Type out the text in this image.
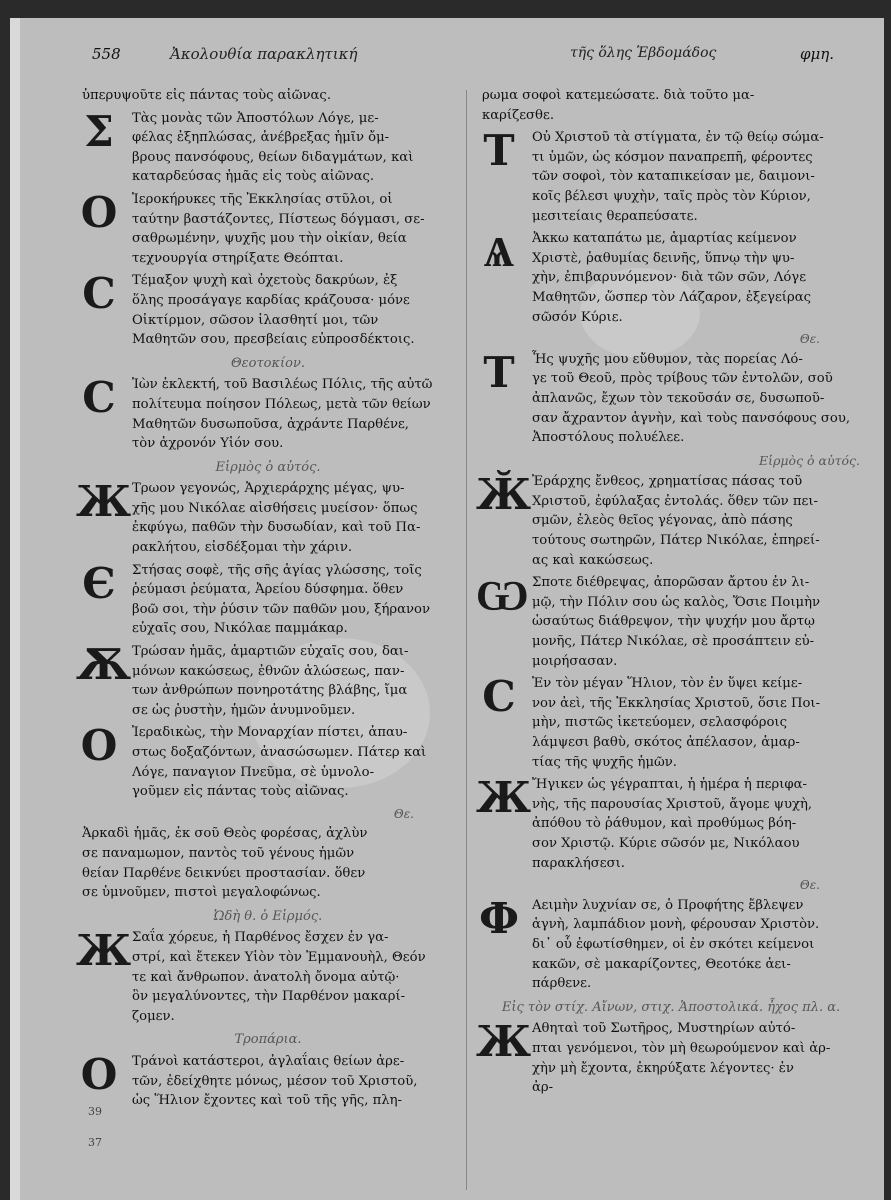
558	Ἀκολουθία παρακλητική	τῆς ὅλης Ἑβδομάδος	φμη.
ὑπερυψοῦτε εἰς πάντας τοὺς αἰῶνας.
Σ	Τὰς μονὰς τῶν Ἀποστόλων Λόγε, με-
φέλας ἐξηπλώσας, ἀνέβρεξας ἡμῖν ὄμ-
βρους πανσόφους, θείων διδαγμάτων, καὶ
καταρδεύσας ἡμᾶς εἰς τοὺς αἰῶνας.
Ο	Ἱεροκήρυκες τῆς Ἐκκλησίας στῦλοι, οἱ
ταύτην βαστάζοντες, Πίστεως δόγμασι, σε-
σαθρωμένην, ψυχῆς μου τὴν οἰκίαν, θεία
τεχνουργία στηρίξατε Θεόπται.
Ϲ	Τέμαξον ψυχὴ καὶ ὀχετοὺς δακρύων, ἐξ
ὅλης προσάγαγε καρδίας κράζουσα· μόνε
Οἰκτίρμον, σῶσον ἱλασθητί μοι, τῶν
Μαθητῶν σου, πρεσβείαις εὐπροσδέκτοις.
Θεοτοκίον.
Ϲ	Ἰὼν ἐκλεκτή, τοῦ Βασιλέως Πόλις, τῆς αὐτῶ
πολίτευμα ποίησον Πόλεως, μετὰ τῶν θείων
Μαθητῶν δυσωποῦσα, ἀχράντε Παρθένε,
τὸν ἀχρονόν Υἱόν σου.
Εἱρμὸς ὁ αὐτός.
Ж Τρωον γεγονώς, Ἀρχιεράρχης μέγας, ψυ-
χῆς μου Νικόλαε αἰσθήσεις μυείσον· ὅπως
ἐκφύγω, παθῶν τὴν δυσωδίαν, καὶ τοῦ Πα-
ρακλήτου, εἰσδέξομαι τὴν χάριν.
Є	Στήσας σοφὲ, τῆς σῆς ἁγίας γλώσσης, τοῖς
ῥεύμασι ῥεύματα, Ἀρείου δύσφημα. ὅθεν
βοῶ σοι, τὴν ῥύσιν τῶν παθῶν μου, ξήρανον
εὐχαῖς σου, Νικόλαε παμμάκαρ.
Ѫ Τρώσαν ἡμᾶς, ἁμαρτιῶν εὐχαῖς σου, δαι-
μόνων κακώσεως, ἐθνῶν ἁλώσεως, παν-
των ἀνθρώπων πονηροτάτης βλάβης, ἴμα
σε ὡς ῥυστὴν, ἡμῶν ἀνυμνοῦμεν.
Ο	Ἱεραδικὼς, τὴν Μοναρχίαν πίστει, ἀπαυ-
στως δοξαζόντων, ἀνασώσωμεν. Πάτερ καὶ
Λόγε, παναγιον Πνεῦμα, σὲ ὑμνολο-
γοῦμεν εἰς πάντας τοὺς αἰῶνας.
Θε.
Ἀρκαδὶ ἡμᾶς, ἐκ σοῦ Θεὸς φορέσας, ἀχλὺν
σε παναμωμον, παντὸς τοῦ γένους ἡμῶν
θείαν Παρθένε δεικνύει προστασίαν. ὅθεν
σε ὑμνοῦμεν, πιστοὶ μεγαλοφώνως.
Ὠδὴ θ. ὁ Εἱρμός.
Ж Σαΐα χόρευε, ἡ Παρθένος ἔσχεν ἐν γα-
στρί, καὶ ἔτεκεν Υἱὸν τὸν Ἐμμανουὴλ, Θεόν
τε καὶ ἄνθρωπον. ἀνατολὴ ὄνομα αὐτῷ·
ὃν μεγαλύνοντες, τὴν Παρθένον μακαρί-
ζομεν.
Τροπάρια.
Ο	Τράνοὶ κατάστεροι, ἀγλαΐαις θείων ἀρε-
τῶν, ἐδείχθητε μόνως, μέσον τοῦ Χριστοῦ,
ὡς Ἥλιον ἔχοντες καὶ τοῦ τῆς γῆς, πλη-
ρωμα σοφοὶ κατεμεώσατε. διὰ τοῦτο μα-
καρίζεσθε.
Τ	Οὐ Χριστοῦ τὰ στίγματα, ἐν τῷ θείῳ σώμα-
τι ὑμῶν, ὡς κόσμον παναπρεπῆ, φέροντες
τῶν σοφοὶ, τὸν καταπικείσαν με, δαιμονι-
κοῖς βέλεσι ψυχὴν, ταῖς πρὸς τὸν Κύριον,
μεσιτείαις θεραπεύσατε.
Ѧ	Ἀκκω καταπάτω με, ἁμαρτίας κείμενον
Χριστὲ, ῥαθυμίας δεινῆς, ὕπνῳ τὴν ψυ-
χὴν, ἐπιβαρυνόμενον· διὰ τῶν σῶν, Λόγε
Μαθητῶν, ὥσπερ τὸν Λάζαρον, ἐξεγείρας
σῶσόν Κύριε.
Θε.
Τ	Ἧς ψυχῆς μου εὔθυμον, τὰς πορείας Λό-
γε τοῦ Θεοῦ, πρὸς τρίβους τῶν ἐντολῶν, σοῦ
ἀπλανῶς, ἔχων τὸν τεκοῦσάν σε, δυσωποῦ-
σαν ἄχραντον ἁγνὴν, καὶ τοὺς πανσόφους σου,
Ἀποστόλους πολυέλεε.
Εἱρμὸς ὁ αὐτός.
Ӂ Ἐράρχης ἔνθεος, χρηματίσας πάσας τοῦ
Χριστοῦ, ἐφύλαξας ἐντολάς. ὅθεν τῶν πει-
σμῶν, ἐλεὸς θεῖος γέγονας, ἀπὸ πάσης
τούτους σωτηρῶν, Πάτερ Νικόλαε, ἐπηρεί-
ας καὶ κακώσεως.
Ѡ Σποτε διέθρεψας, ἀπορῶσαν ἄρτου ἐν λι-
μῷ, τὴν Πόλιν σου ὡς καλὸς, Ὅσιε Ποιμὴν
ὡσαύτως διάθρεψον, τὴν ψυχήν μου ἄρτῳ
μονῆς, Πάτερ Νικόλαε, σὲ προσάπτειν εὐ-
μοιρήσασαν.
Ϲ	Ἐν τὸν μέγαν Ἥλιον, τὸν ἐν ὕψει κείμε-
νον ἀεὶ, τῆς Ἐκκλησίας Χριστοῦ, ὅσιε Ποι-
μὴν, πιστῶς ἱκετεύομεν, σελασφόροις
λάμψεσι βαθὺ, σκότος ἀπέλασον, ἁμαρ-
τίας τῆς ψυχῆς ἡμῶν.
Ж Ἤγικεν ὡς γέγραπται, ἡ ἡμέρα ἡ περιφα-
νὴς, τῆς παρουσίας Χριστοῦ, ἄγομε ψυχὴ,
ἀπόθου τὸ ῥάθυμον, καὶ προθύμως βόη-
σον Χριστῷ. Κύριε σῶσόν με, Νικόλαου
παρακλήσεσι.
Θε.
Ф Αειμὴν λυχνίαν σε, ὁ Προφήτης ἔβλεψεν
ἁγνὴ, λαμπάδιον μονὴ, φέρουσαν Χριστὸν.
δι᾽ οὗ ἐφωτίσθημεν, οἱ ἐν σκότει κείμενοι
κακῶν, σὲ μακαρίζοντες, Θεοτόκε ἀει-
πάρθενε.
Εἰς τὸν στίχ. Αἴνων, στιχ. Ἀποστολικά. ἦχος πλ. α.
Ж Αθηταὶ τοῦ Σωτῆρος, Μυστηρίων αὐτό-
πται γενόμενοι, τὸν μὴ θεωρούμενον καὶ ἀρ-
χὴν μὴ ἔχοντα, ἐκηρύξατε λέγοντες· ἐν
ἀρ-
39
37
